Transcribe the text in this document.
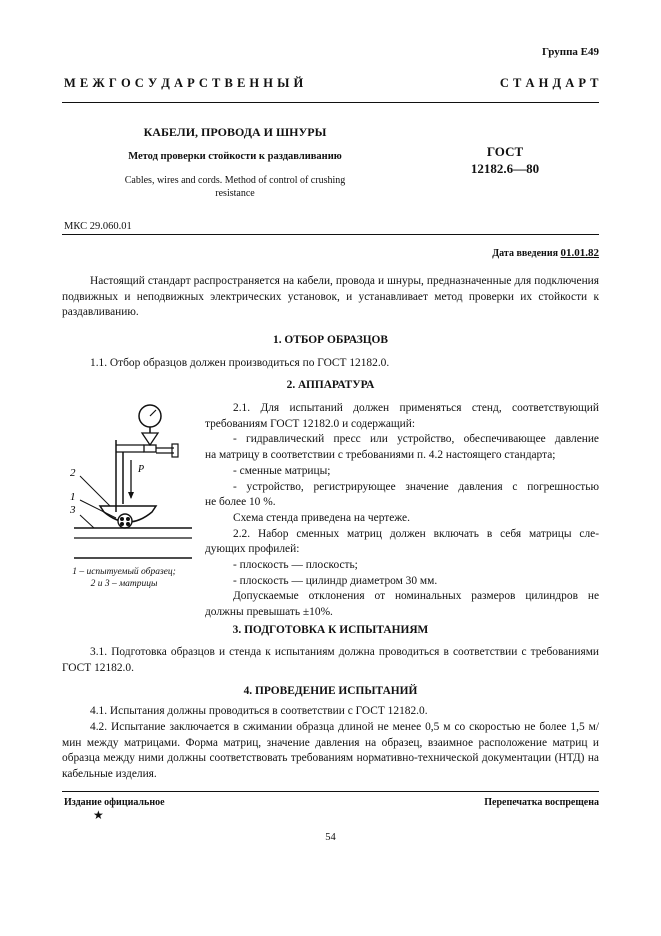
Группа Е49
М Е Ж Г О С У Д А Р С Т В Е Н Н Ы Й	С Т А Н Д А Р Т
КАБЕЛИ, ПРОВОДА И ШНУРЫ
Метод проверки стойкости к раздавливанию
Cables, wires and cords. Method of control of crushing resistance
ГОСТ
12182.6—80
МКС 29.060.01
Дата введения 01.01.82
Настоящий стандарт распространяется на кабели, провода и шнуры, предназначенные для подключения подвижных и неподвижных электрических установок, и устанавливает метод проверки их стойкости к раздавливанию.
1. ОТБОР ОБРАЗЦОВ
1.1. Отбор образцов должен производиться по ГОСТ 12182.0.
2. АППАРАТУРА
P
2
1
3
1 – испытуемый образец;
2 и 3 – матрицы
2.1. Для испытаний должен применяться стенд, соответствующий
требованиям ГОСТ 12182.0 и содержащий:
- гидравлический пресс или устройство, обеспечивающее давление
на матрицу в соответствии с требованиями п. 4.2 настоящего стандарта;
- сменные матрицы;
- устройство, регистрирующее значение давления с погрешностью
не более 10 %.
Схема стенда приведена на чертеже.
2.2. Набор сменных матриц должен включать в себя матрицы сле-
дующих профилей:
- плоскость — плоскость;
- плоскость — цилиндр диаметром 30 мм.
Допускаемые отклонения от номинальных размеров цилиндров не
должны превышать ±10%.
3. ПОДГОТОВКА К ИСПЫТАНИЯМ
3.1. Подготовка образцов и стенда к испытаниям должна проводиться в соответствии с требованиями ГОСТ 12182.0.
4. ПРОВЕДЕНИЕ ИСПЫТАНИЙ
4.1. Испытания должны проводиться в соответствии с ГОСТ 12182.0.
4.2. Испытание заключается в сжимании образца длиной не менее 0,5 м со скоростью не более 1,5 м/мин между матрицами. Форма матриц, значение давления на образец, взаимное расположение матриц и образца между ними должны соответствовать требованиям нормативно-технической документации (НТД) на кабельные изделия.
Издание официальное	Перепечатка воспрещена
★
54
